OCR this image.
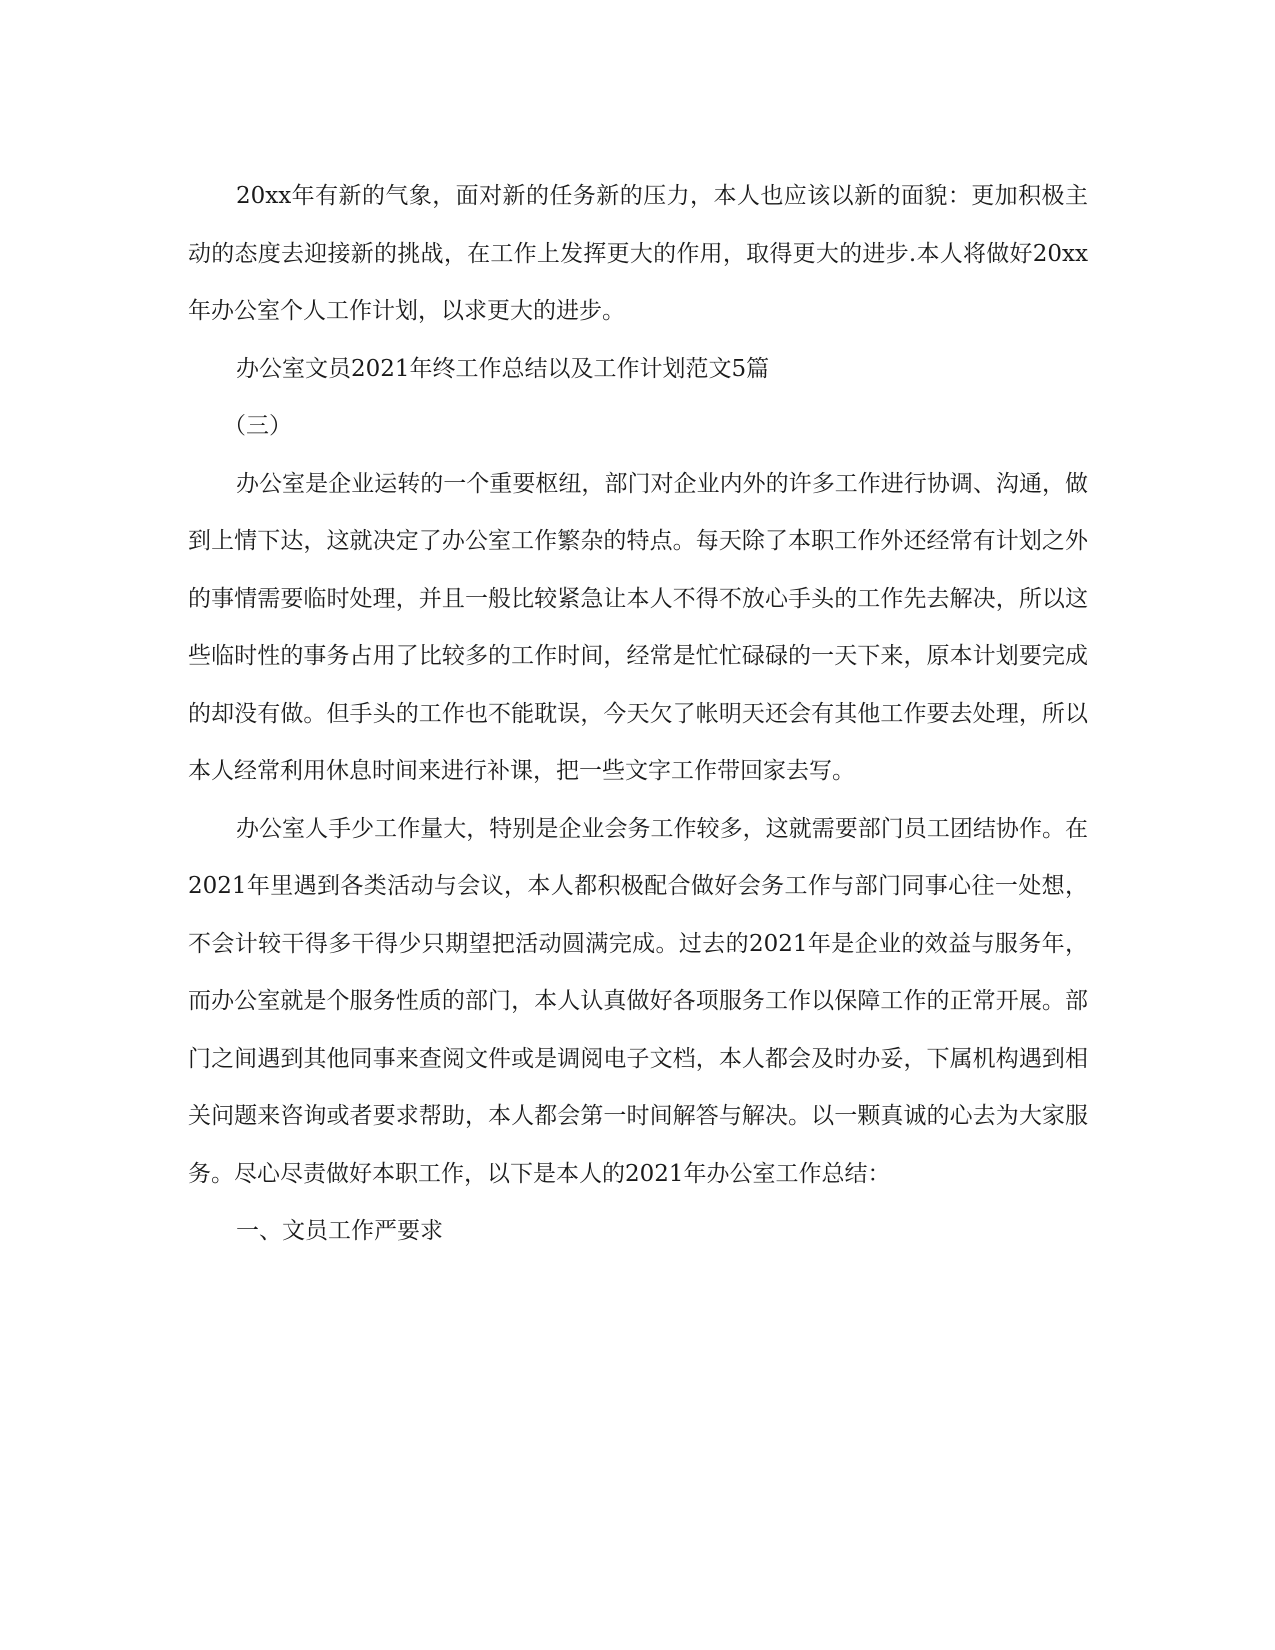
20xx年有新的气象，面对新的任务新的压力，本人也应该以新的面貌：更加积极主动的态度去迎接新的挑战，在工作上发挥更大的作用，取得更大的进步.本人将做好20xx年办公室个人工作计划，以求更大的进步。

办公室文员2021年终工作总结以及工作计划范文5篇

（三）

办公室是企业运转的一个重要枢纽，部门对企业内外的许多工作进行协调、沟通，做到上情下达，这就决定了办公室工作繁杂的特点。每天除了本职工作外还经常有计划之外的事情需要临时处理，并且一般比较紧急让本人不得不放心手头的工作先去解决，所以这些临时性的事务占用了比较多的工作时间，经常是忙忙碌碌的一天下来，原本计划要完成的却没有做。但手头的工作也不能耽误，今天欠了帐明天还会有其他工作要去处理，所以本人经常利用休息时间来进行补课，把一些文字工作带回家去写。

办公室人手少工作量大，特别是企业会务工作较多，这就需要部门员工团结协作。在2021年里遇到各类活动与会议，本人都积极配合做好会务工作与部门同事心往一处想，不会计较干得多干得少只期望把活动圆满完成。过去的2021年是企业的效益与服务年，而办公室就是个服务性质的部门，本人认真做好各项服务工作以保障工作的正常开展。部门之间遇到其他同事来查阅文件或是调阅电子文档，本人都会及时办妥，下属机构遇到相关问题来咨询或者要求帮助，本人都会第一时间解答与解决。以一颗真诚的心去为大家服务。尽心尽责做好本职工作，以下是本人的2021年办公室工作总结：

一、文员工作严要求
